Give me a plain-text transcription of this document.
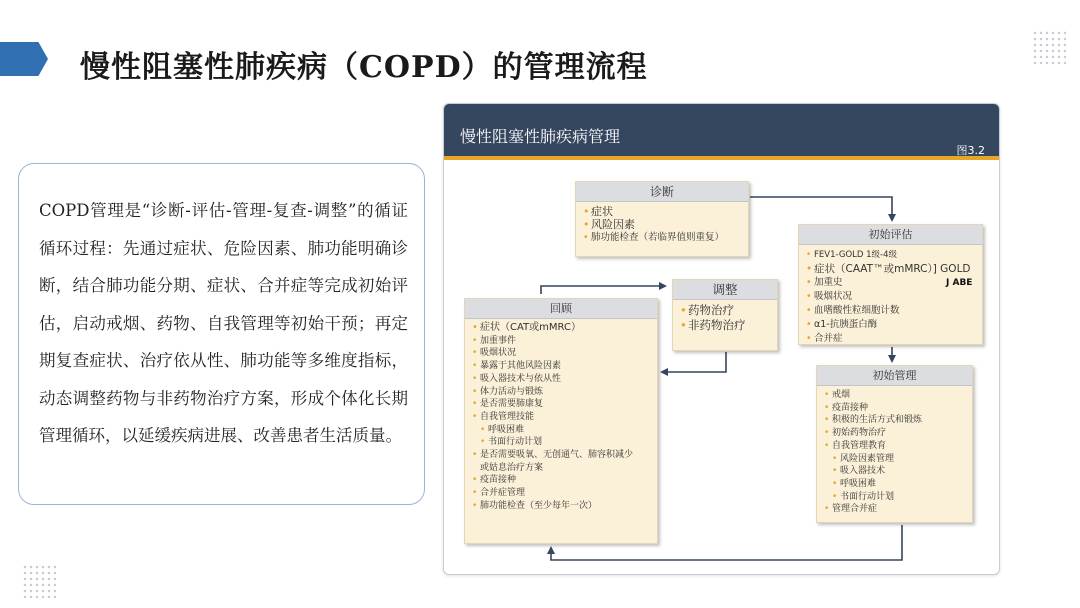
慢性阻塞性肺疾病（COPD）的管理流程

COPD管理是“诊断-评估-管理-复查-调整”的循证循环过程：先通过症状、危险因素、肺功能明确诊断，结合肺功能分期、症状、合并症等完成初始评估，启动戒烟、药物、自我管理等初始干预；再定期复查症状、治疗依从性、肺功能等多维度指标，动态调整药物与非药物治疗方案，形成个体化长期管理循环，以延缓疾病进展、改善患者生活质量。

慢性阻塞性肺疾病管理
图3.2
诊断
• 症状
• 风险因素
• 肺功能检查（若临界值则重复）	初始评估
• FEV1-GOLD 1级-4级
• 症状（CAAT™或mMRC）] GOLD
• 加重史
• 吸烟状况
• 血嗜酸性粒细胞计数
• α1-抗胰蛋白酶
• 合并症
J ABE
调整
• 药物治疗
• 非药物治疗
回顾
• 症状（CAT或mMRC）
• 加重事件
• 吸烟状况
• 暴露于其他风险因素
• 吸入器技术与依从性
• 体力活动与锻炼
• 是否需要肺康复
• 自我管理技能
• 呼吸困难
• 书面行动计划
• 是否需要吸氧、无创通气、肺容积减少或姑息治疗方案
• 疫苗接种
• 合并症管理
• 肺功能检查（至少每年一次）
初始管理
• 戒烟
• 疫苗接种
• 积极的生活方式和锻炼
• 初始药物治疗
• 自我管理教育
• 风险因素管理
• 吸入器技术
• 呼吸困难
• 书面行动计划
• 管理合并症
